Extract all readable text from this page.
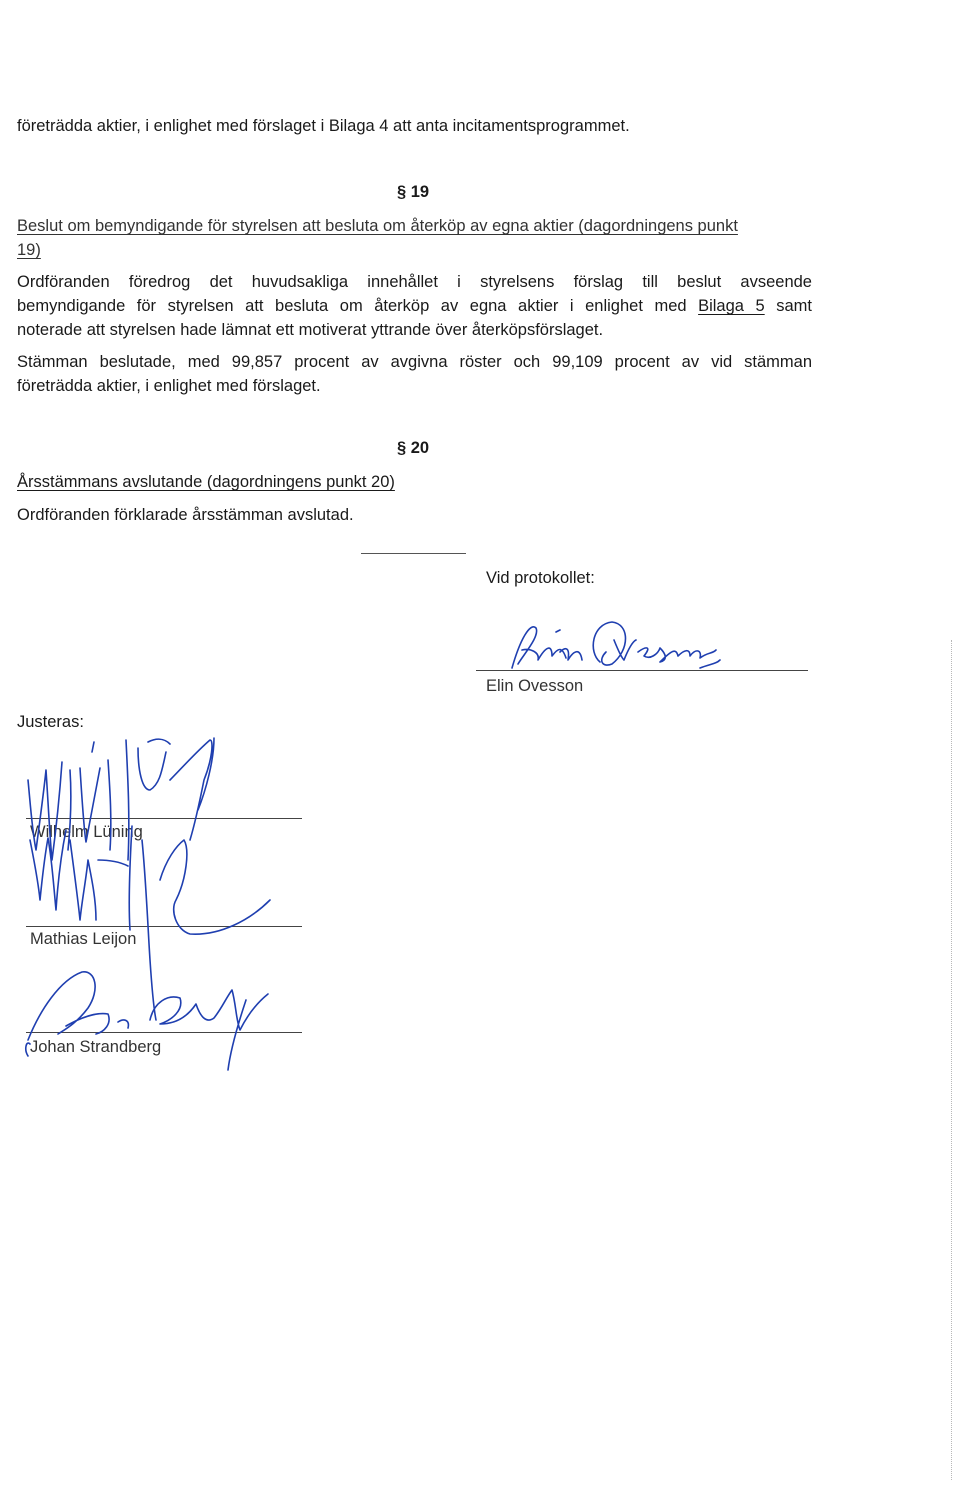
företrädda aktier, i enlighet med förslaget i Bilaga 4 att anta incitamentsprogrammet.
§ 19
Beslut om bemyndigande för styrelsen att besluta om återköp av egna aktier (dagordningens punkt
19)
Ordföranden föredrog det huvudsakliga innehållet i styrelsens förslag till beslut avseende
bemyndigande för styrelsen att besluta om återköp av egna aktier i enlighet med Bilaga 5 samt
noterade att styrelsen hade lämnat ett motiverat yttrande över återköpsförslaget.
Stämman beslutade, med 99,857 procent av avgivna röster och 99,109 procent av vid stämman
företrädda aktier, i enlighet med förslaget.
§ 20
Årsstämmans avslutande (dagordningens punkt 20)
Ordföranden förklarade årsstämman avslutad.
Vid protokollet:
Elin Ovesson
Justeras:
Wilhelm Lüning
Mathias Leijon
Johan Strandberg
